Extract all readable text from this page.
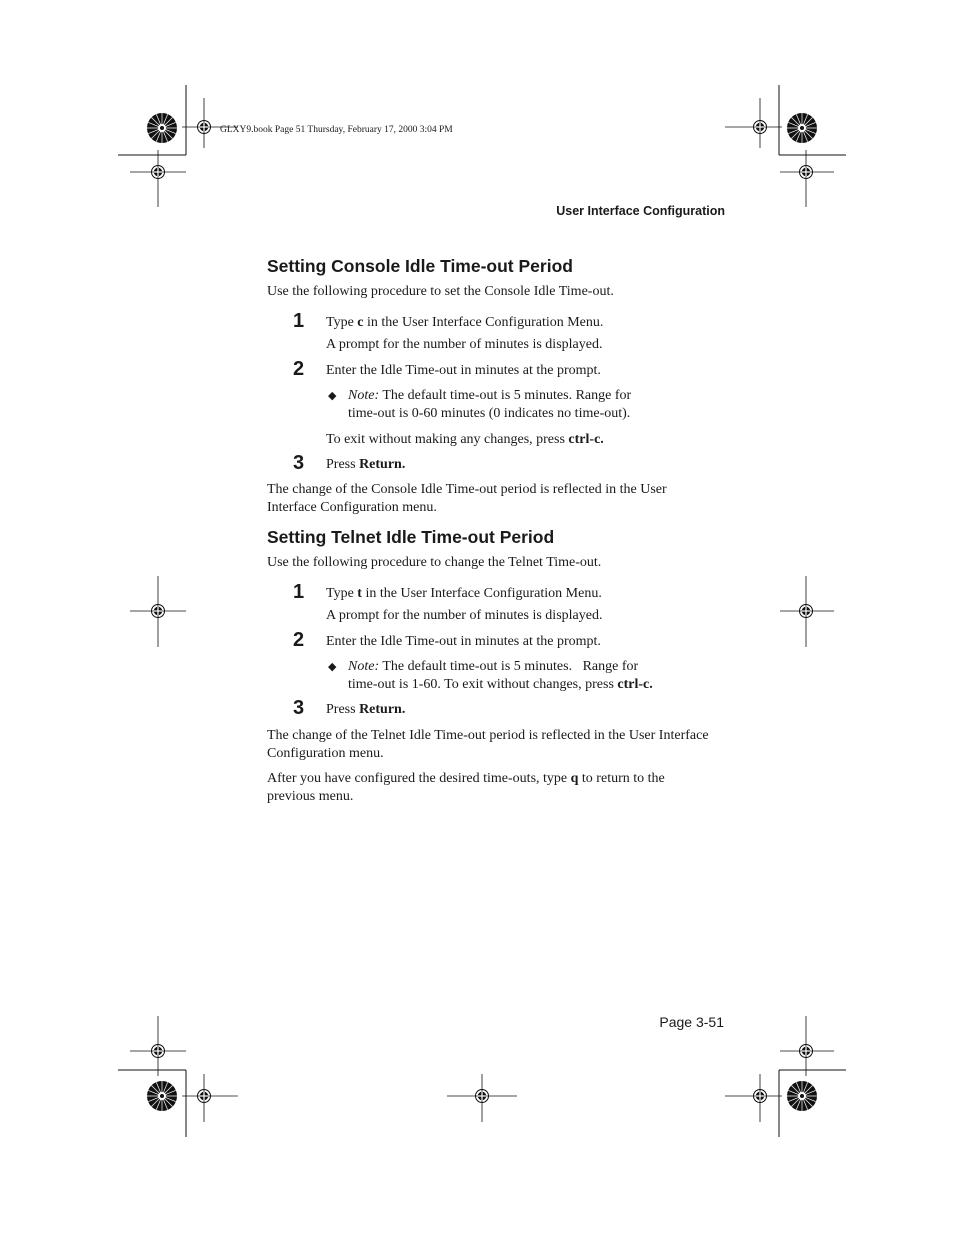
GLXY9.book Page 51 Thursday, February 17, 2000 3:04 PM
User Interface Configuration
Setting Console Idle Time-out Period
Use the following procedure to set the Console Idle Time-out.
1 Type c in the User Interface Configuration Menu.
A prompt for the number of minutes is displayed.
2 Enter the Idle Time-out in minutes at the prompt.
◆ Note: The default time-out is 5 minutes. Range for
time-out is 0-60 minutes (0 indicates no time-out).
To exit without making any changes, press ctrl-c.
3 Press Return.
The change of the Console Idle Time-out period is reflected in the User
Interface Configuration menu.
Setting Telnet Idle Time-out Period
Use the following procedure to change the Telnet Time-out.
1 Type t in the User Interface Configuration Menu.
A prompt for the number of minutes is displayed.
2 Enter the Idle Time-out in minutes at the prompt.
◆ Note: The default time-out is 5 minutes.   Range for
time-out is 1-60. To exit without changes, press ctrl-c.
3 Press Return.
The change of the Telnet Idle Time-out period is reflected in the User Interface
Configuration menu.
After you have configured the desired time-outs, type q to return to the
previous menu.
Page 3-51
